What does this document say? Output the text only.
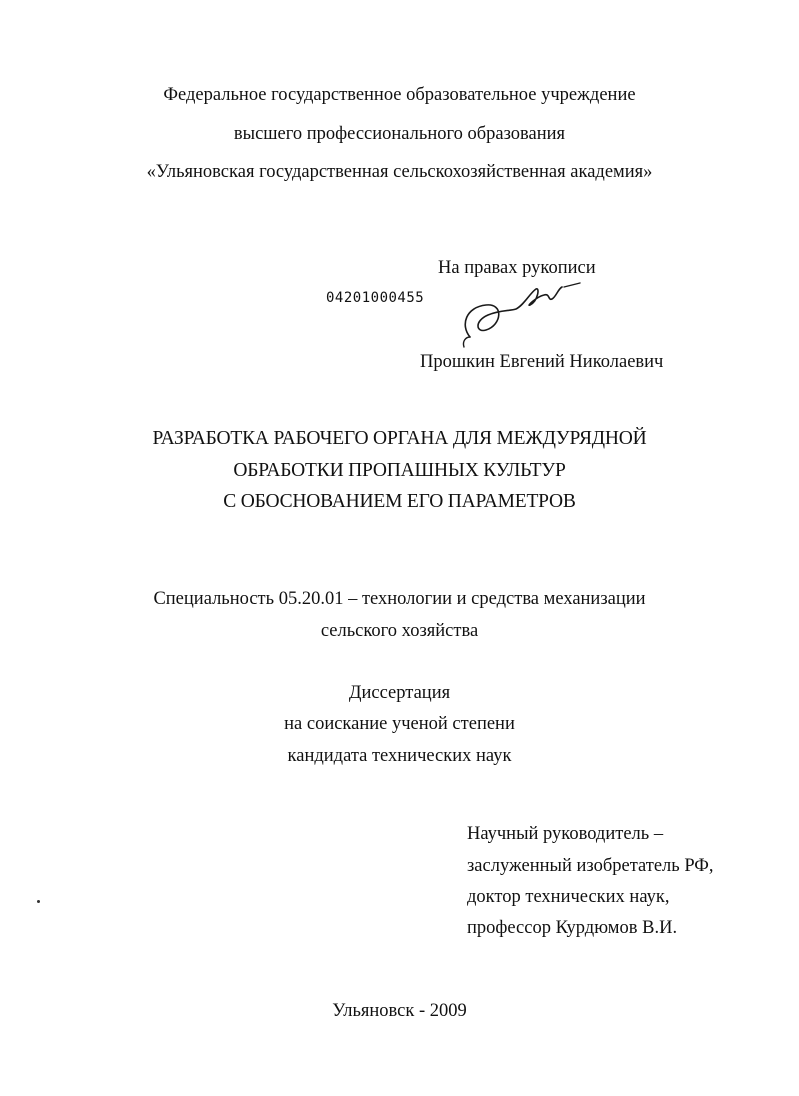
Федеральное государственное образовательное учреждение
высшего профессионального образования
«Ульяновская государственная сельскохозяйственная академия»
На правах рукописи
04201000455
Прошкин Евгений Николаевич
РАЗРАБОТКА РАБОЧЕГО ОРГАНА ДЛЯ МЕЖДУРЯДНОЙ
ОБРАБОТКИ ПРОПАШНЫХ КУЛЬТУР
С ОБОСНОВАНИЕМ ЕГО ПАРАМЕТРОВ
Специальность 05.20.01 – технологии и средства механизации
сельского хозяйства
Диссертация
на соискание ученой степени
кандидата технических наук
Научный руководитель –
заслуженный изобретатель РФ,
доктор технических наук,
профессор Курдюмов В.И.
Ульяновск - 2009
